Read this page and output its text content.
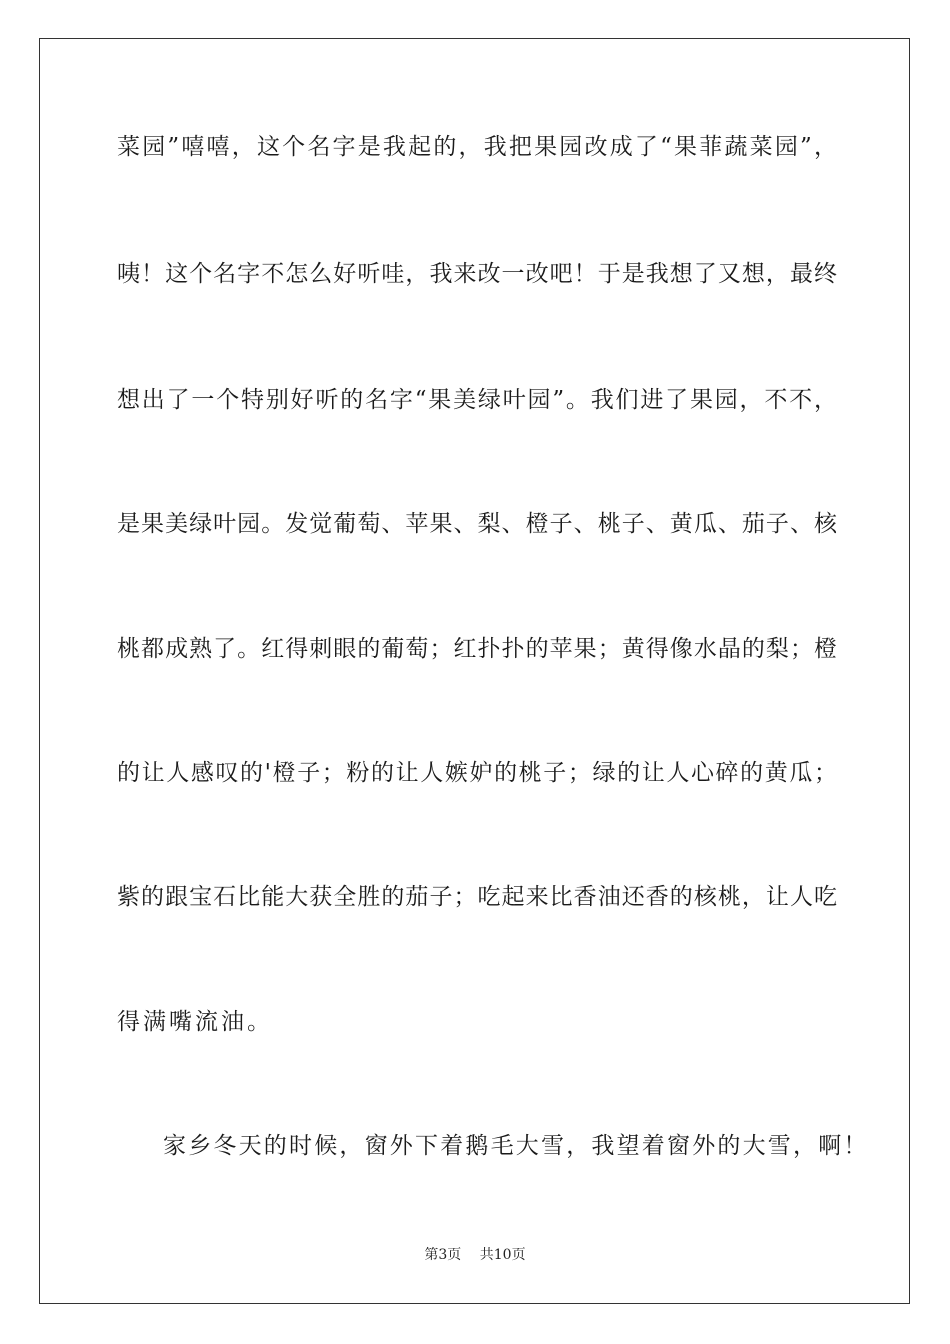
菜园”嘻嘻，这个名字是我起的，我把果园改成了“果菲蔬菜园”，
咦！这个名字不怎么好听哇，我来改一改吧！于是我想了又想，最终
想出了一个特别好听的名字“果美绿叶园”。我们进了果园，不不，
是果美绿叶园。发觉葡萄、苹果、梨、橙子、桃子、黄瓜、茄子、核
桃都成熟了。红得刺眼的葡萄；红扑扑的苹果；黄得像水晶的梨；橙
的让人感叹的'橙子；粉的让人嫉妒的桃子；绿的让人心碎的黄瓜；
紫的跟宝石比能大获全胜的茄子；吃起来比香油还香的核桃，让人吃
得满嘴流油。
家乡冬天的时候，窗外下着鹅毛大雪，我望着窗外的大雪，啊！
第3页 共10页
